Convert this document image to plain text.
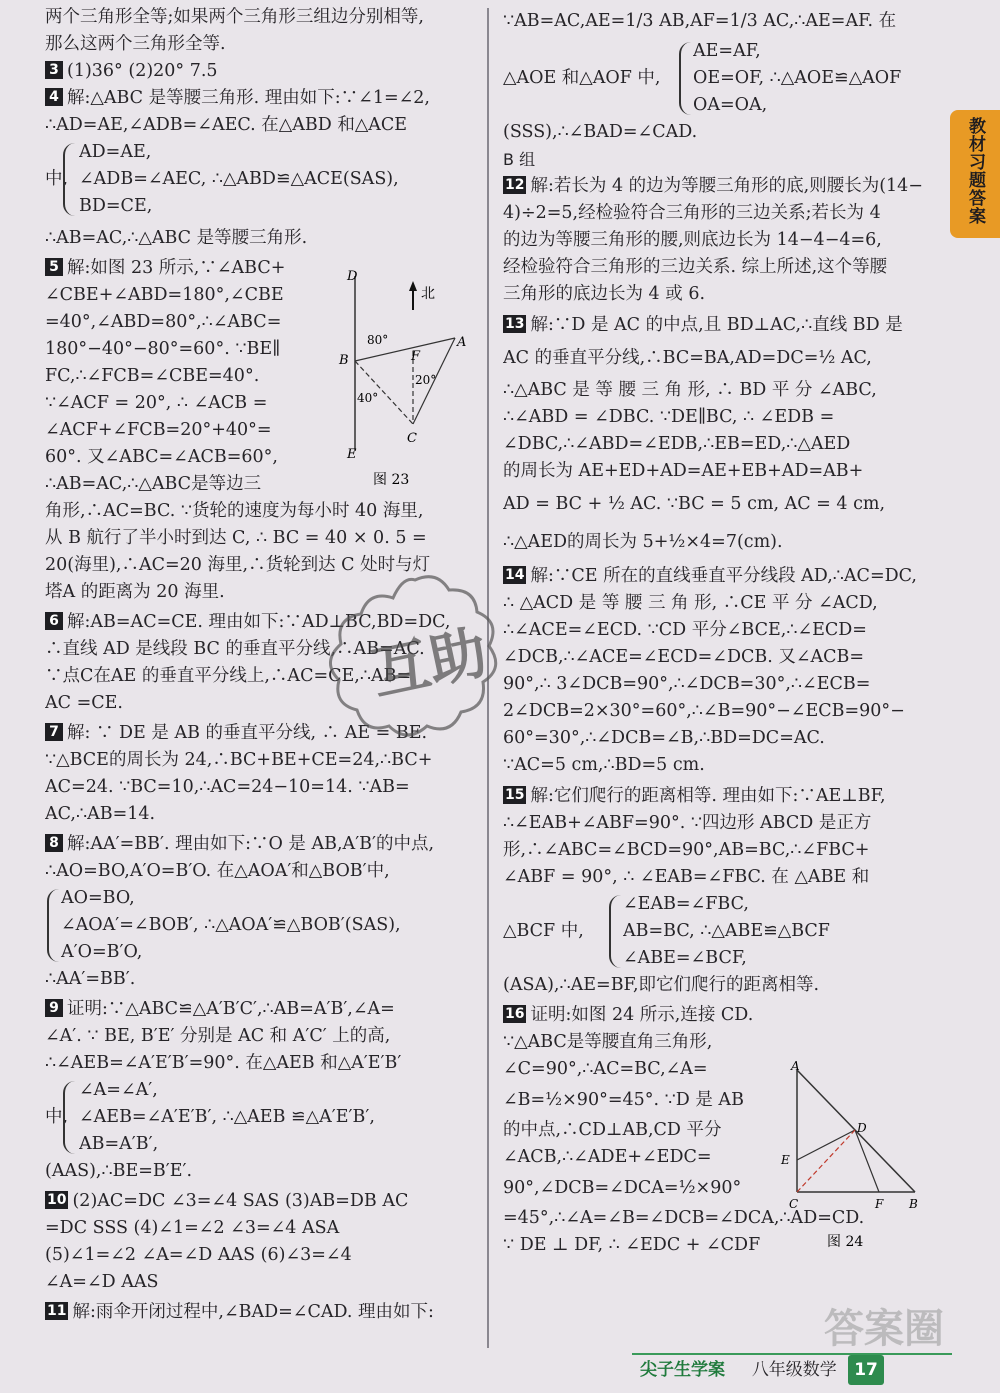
两个三角形全等;如果两个三角形三组边分别相等,
那么这两个三角形全等.
3 (1)36° (2)20° 7.5
4 解:△ABC 是等腰三角形. 理由如下:∵∠1=∠2,
∴AD=AE,∠ADB=∠AEC. 在△ABD 和△ACE
中,
AD=AE,
∠ADB=∠AEC, ∴△ABD≌△ACE(SAS),
BD=CE,
∴AB=AC,∴△ABC 是等腰三角形.
5 解:如图 23 所示,∵∠ABC+
∠CBE+∠ABD=180°,∠CBE
=40°,∠ABD=80°,∴∠ABC=
180°−40°−80°=60°. ∵BE∥
FC,∴∠FCB=∠CBE=40°.
∵∠ACF = 20°, ∴ ∠ACB =
∠ACF+∠FCB=20°+40°=
60°. 又∠ABC=∠ACB=60°,
∴AB=AC,∴△ABC是等边三
角形,∴AC=BC. ∵货轮的速度为每小时 40 海里,
从 B 航行了半小时到达 C, ∴ BC = 40 × 0. 5 =
20(海里),∴AC=20 海里,∴货轮到达 C 处时与灯
塔A 的距离为 20 海里.
6 解:AB=AC=CE. 理由如下:∵AD⊥BC,BD=DC,
∴直线 AD 是线段 BC 的垂直平分线,∴AB=AC.
∵点C在AE 的垂直平分线上,∴AC=CE,∴AB=
AC =CE.
7 解: ∵ DE 是 AB 的垂直平分线, ∴ AE = BE.
∵△BCE的周长为 24,∴BC+BE+CE=24,∴BC+
AC=24. ∵BC=10,∴AC=24−10=14. ∵AB=
AC,∴AB=14.
8 解:AA′=BB′. 理由如下:∵O 是 AB,A′B′的中点,
∴AO=BO,A′O=B′O. 在△AOA′和△BOB′中,
AO=BO,
∠AOA′=∠BOB′, ∴△AOA′≌△BOB′(SAS),
A′O=B′O,
∴AA′=BB′.
9 证明:∵△ABC≌△A′B′C′,∴AB=A′B′,∠A=
∠A′. ∵ BE, B′E′ 分别是 AC 和 A′C′ 上的高,
∴∠AEB=∠A′E′B′=90°. 在△AEB 和△A′E′B′
中,
∠A=∠A′,
∠AEB=∠A′E′B′, ∴△AEB ≌△A′E′B′,
AB=A′B′,
(AAS),∴BE=B′E′.
10 (2)AC=DC ∠3=∠4 SAS (3)AB=DB AC
=DC SSS (4)∠1=∠2 ∠3=∠4 ASA
(5)∠1=∠2 ∠A=∠D AAS (6)∠3=∠4
∠A=∠D AAS
11 解:雨伞开闭过程中,∠BAD=∠CAD. 理由如下:
北
D
A
B	F
C
E
80°
20°
40°
图 23
∵AB=AC,AE=1/3 AB,AF=1/3 AC,∴AE=AF. 在
△AOE 和△AOF 中,
AE=AF,
OE=OF, ∴△AOE≌△AOF
OA=OA,
(SSS),∴∠BAD=∠CAD.
B 组
12 解:若长为 4 的边为等腰三角形的底,则腰长为(14−
4)÷2=5,经检验符合三角形的三边关系;若长为 4
的边为等腰三角形的腰,则底边长为 14−4−4=6,
经检验符合三角形的三边关系. 综上所述,这个等腰
三角形的底边长为 4 或 6.
13 解:∵D 是 AC 的中点,且 BD⊥AC,∴直线 BD 是
AC 的垂直平分线,∴BC=BA,AD=DC=½ AC,
∴△ABC 是 等 腰 三 角 形, ∴ BD 平 分 ∠ABC,
∴∠ABD = ∠DBC. ∵DE∥BC, ∴ ∠EDB =
∠DBC,∴∠ABD=∠EDB,∴EB=ED,∴△AED
的周长为 AE+ED+AD=AE+EB+AD=AB+
AD = BC + ½ AC. ∵BC = 5 cm, AC = 4 cm,
∴△AED的周长为 5+½×4=7(cm).
14 解:∵CE 所在的直线垂直平分线段 AD,∴AC=DC,
∴ △ACD 是 等 腰 三 角 形, ∴CE 平 分 ∠ACD,
∴∠ACE=∠ECD. ∵CD 平分∠BCE,∴∠ECD=
∠DCB,∴∠ACE=∠ECD=∠DCB. 又∠ACB=
90°,∴ 3∠DCB=90°,∴∠DCB=30°,∴∠ECB=
2∠DCB=2×30°=60°,∴∠B=90°−∠ECB=90°−
60°=30°,∴∠DCB=∠B,∴BD=DC=AC.
∵AC=5 cm,∴BD=5 cm.
15 解:它们爬行的距离相等. 理由如下:∵AE⊥BF,
∴∠EAB+∠ABF=90°. ∵四边形 ABCD 是正方
形,∴∠ABC=∠BCD=90°,AB=BC,∴∠FBC+
∠ABF = 90°, ∴ ∠EAB=∠FBC. 在 △ABE 和
△BCF 中,
∠EAB=∠FBC,
AB=BC, ∴△ABE≌△BCF
∠ABE=∠BCF,
(ASA),∴AE=BF,即它们爬行的距离相等.
16 证明:如图 24 所示,连接 CD.
∵△ABC是等腰直角三角形,
∠C=90°,∴AC=BC,∠A=
∠B=½×90°=45°. ∵D 是 AB
的中点,∴CD⊥AB,CD 平分
∠ACB,∴∠ADE+∠EDC=
90°,∠DCB=∠DCA=½×90°
=45°,∴∠A=∠B=∠DCB=∠DCA,∴AD=CD.
∵ DE ⊥ DF, ∴ ∠EDC + ∠CDF
A
D
E
C	F B
图 24
教材习题答案
互助
答案圈
尖子生学案 八年级数学 17
